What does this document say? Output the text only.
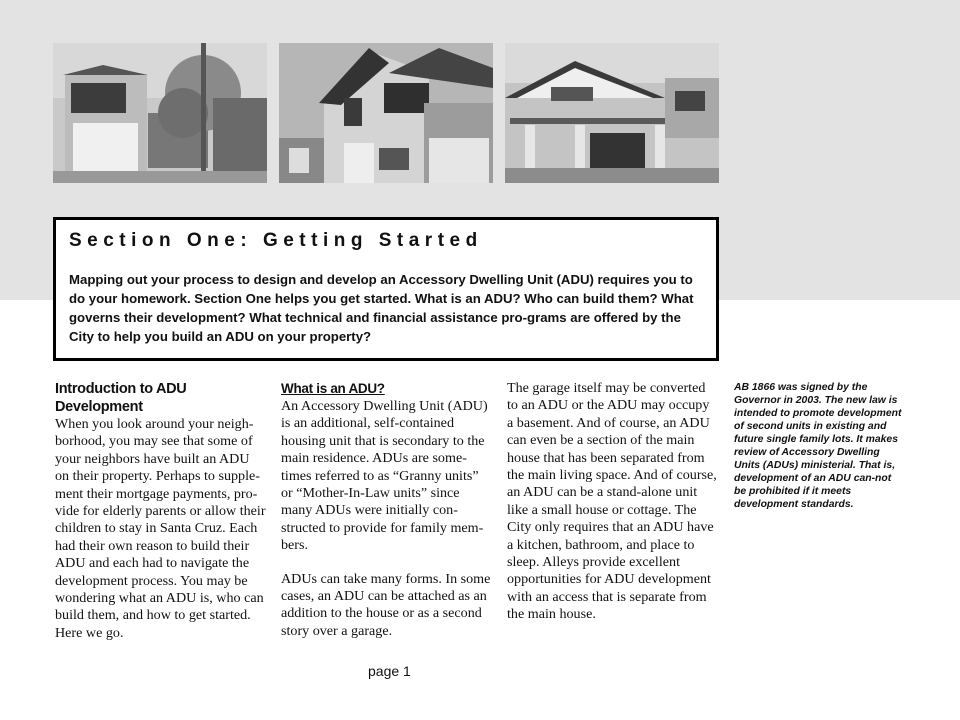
Section One: Getting Started

Mapping out your process to design and develop an Accessory Dwelling Unit (ADU) requires you to do your homework. Section One helps you get started. What is an ADU? Who can build them? What governs their development? What technical and financial assistance pro-grams are offered by the City to help you build an ADU on your property?

Introduction to ADU Development

When you look around your neigh-borhood, you may see that some of your neighbors have built an ADU on their property. Perhaps to supple-ment their mortgage payments, pro-vide for elderly parents or allow their children to stay in Santa Cruz. Each had their own reason to build their ADU and each had to navigate the development process. You may be wondering what an ADU is, who can build them, and how to get started. Here we go.

What is an ADU?

An Accessory Dwelling Unit (ADU) is an additional, self-contained housing unit that is secondary to the main residence. ADUs are some-times referred to as “Granny units” or “Mother-In-Law units” since many ADUs were initially con-structed to provide for family mem-bers.

ADUs can take many forms. In some cases, an ADU can be attached as an addition to the house or as a second story over a garage.

The garage itself may be converted to an ADU or the ADU may occupy a basement. And of course, an ADU can even be a section of the main house that has been separated from the main living space. And of course, an ADU can be a stand-alone unit like a small house or cottage. The City only requires that an ADU have a kitchen, bathroom, and place to sleep. Alleys provide excellent opportunities for ADU development with an access that is separate from the main house.

AB 1866 was signed by the Governor in 2003. The new law is intended to promote development of second units in existing and future single family lots. It makes review of Accessory Dwelling Units (ADUs) ministerial. That is, development of an ADU can-not be prohibited if it meets development standards.

page 1
